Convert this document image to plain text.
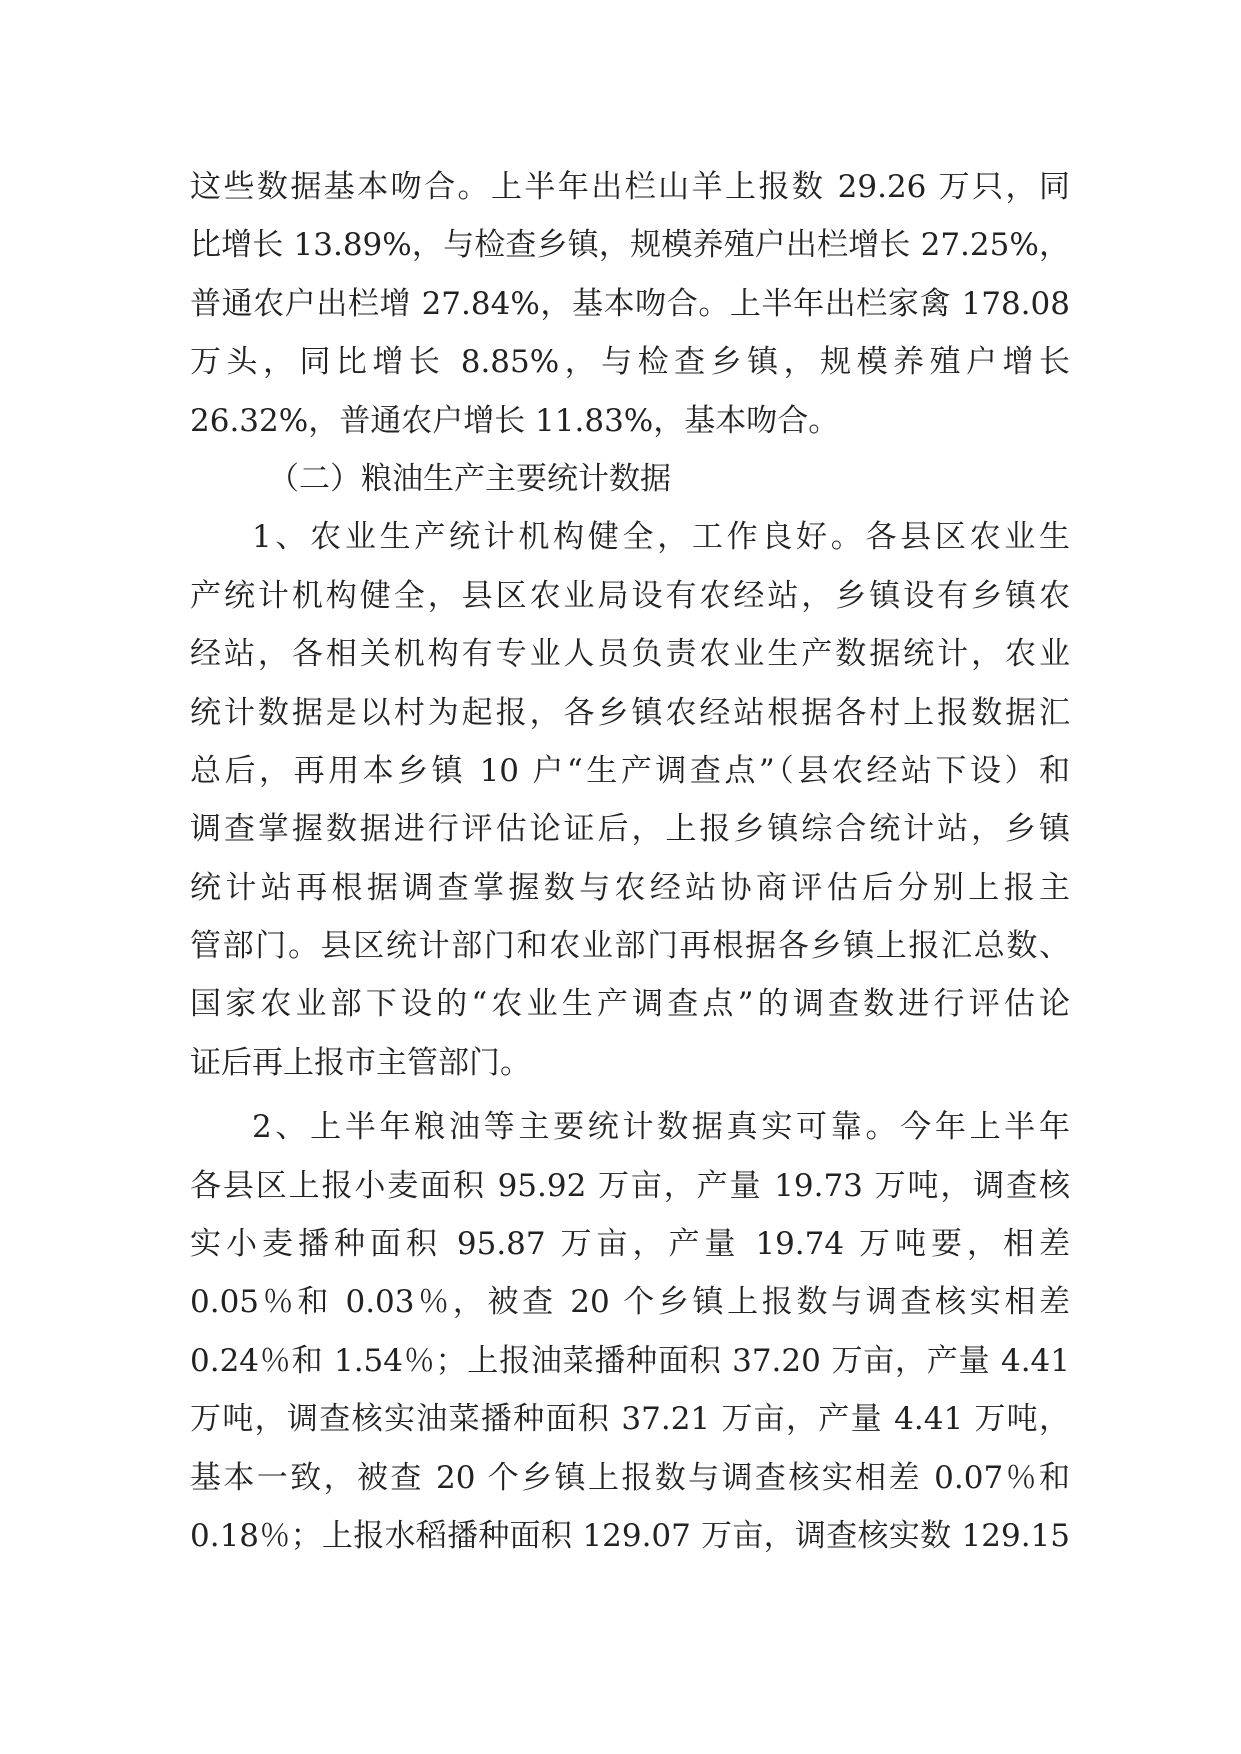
这些数据基本吻合。上半年出栏山羊上报数 29.26 万只，同
比增长 13.89%，与检查乡镇，规模养殖户出栏增长 27.25%，
普通农户出栏增 27.84%，基本吻合。上半年出栏家禽 178.08
万头，同比增长 8.85%，与检查乡镇，规模养殖户增长
26.32%，普通农户增长 11.83%，基本吻合。
（二）粮油生产主要统计数据
1、农业生产统计机构健全，工作良好。各县区农业生
产统计机构健全，县区农业局设有农经站，乡镇设有乡镇农
经站，各相关机构有专业人员负责农业生产数据统计，农业
统计数据是以村为起报，各乡镇农经站根据各村上报数据汇
总后，再用本乡镇 10 户“生产调查点”（县农经站下设）和
调查掌握数据进行评估论证后，上报乡镇综合统计站，乡镇
统计站再根据调查掌握数与农经站协商评估后分别上报主
管部门。县区统计部门和农业部门再根据各乡镇上报汇总数、
国家农业部下设的“农业生产调查点”的调查数进行评估论
证后再上报市主管部门。
2、上半年粮油等主要统计数据真实可靠。今年上半年
各县区上报小麦面积 95.92 万亩，产量 19.73 万吨，调查核
实小麦播种面积 95.87 万亩，产量 19.74 万吨要，相差
0.05％和 0.03％，被查 20 个乡镇上报数与调查核实相差
0.24％和 1.54％；上报油菜播种面积 37.20 万亩，产量 4.41
万吨，调查核实油菜播种面积 37.21 万亩，产量 4.41 万吨，
基本一致，被查 20 个乡镇上报数与调查核实相差 0.07％和
0.18％；上报水稻播种面积 129.07 万亩，调查核实数 129.15
